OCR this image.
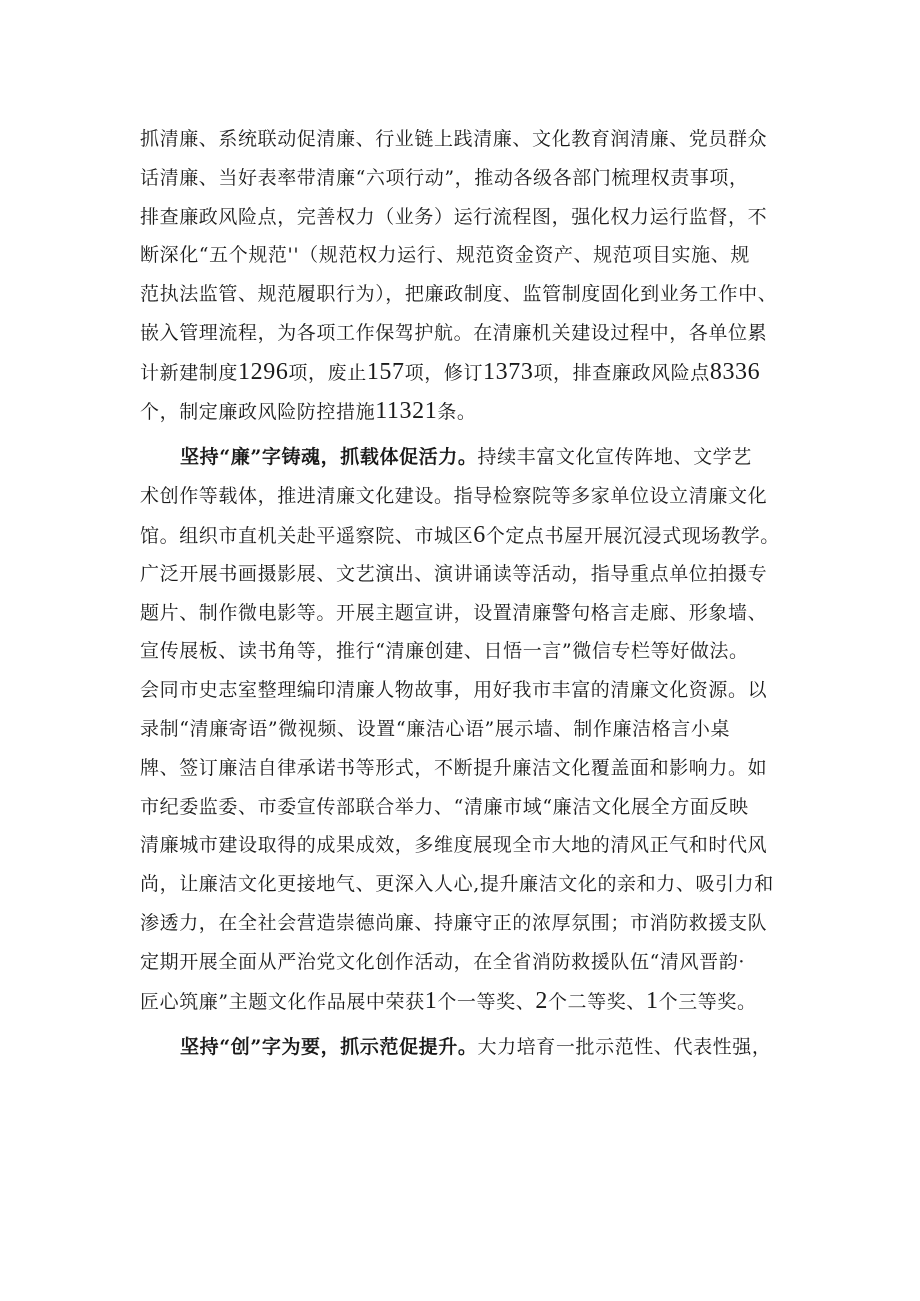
抓清廉、系统联动促清廉、行业链上践清廉、文化教育润清廉、党员群众
话清廉、当好表率带清廉“六项行动”，推动各级各部门梳理权责事项，
排查廉政风险点，完善权力（业务）运行流程图，强化权力运行监督，不
断深化“五个规范''（规范权力运行、规范资金资产、规范项目实施、规
范执法监管、规范履职行为），把廉政制度、监管制度固化到业务工作中、
嵌入管理流程，为各项工作保驾护航。在清廉机关建设过程中，各单位累
计新建制度1296项，废止157项，修订1373项，排查廉政风险点8336
个，制定廉政风险防控措施11321条。
坚持“廉”字铸魂，抓载体促活力。持续丰富文化宣传阵地、文学艺
术创作等载体，推进清廉文化建设。指导检察院等多家单位设立清廉文化
馆。组织市直机关赴平遥察院、市城区6个定点书屋开展沉浸式现场教学。
广泛开展书画摄影展、文艺演出、演讲诵读等活动，指导重点单位拍摄专
题片、制作微电影等。开展主题宣讲，设置清廉警句格言走廊、形象墙、
宣传展板、读书角等，推行“清廉创建、日悟一言”微信专栏等好做法。
会同市史志室整理编印清廉人物故事，用好我市丰富的清廉文化资源。以
录制“清廉寄语”微视频、设置“廉洁心语”展示墙、制作廉洁格言小桌
牌、签订廉洁自律承诺书等形式，不断提升廉洁文化覆盖面和影响力。如
市纪委监委、市委宣传部联合举力、“清廉市域“廉洁文化展全方面反映
清廉城市建设取得的成果成效，多维度展现全市大地的清风正气和时代风
尚，让廉洁文化更接地气、更深入人心,提升廉洁文化的亲和力、吸引力和
渗透力，在全社会营造崇德尚廉、持廉守正的浓厚氛围；市消防救援支队
定期开展全面从严治党文化创作活动，在全省消防救援队伍“清风晋韵·
匠心筑廉”主题文化作品展中荣获1个一等奖、2个二等奖、1个三等奖。
坚持“创”字为要，抓示范促提升。大力培育一批示范性、代表性强，
